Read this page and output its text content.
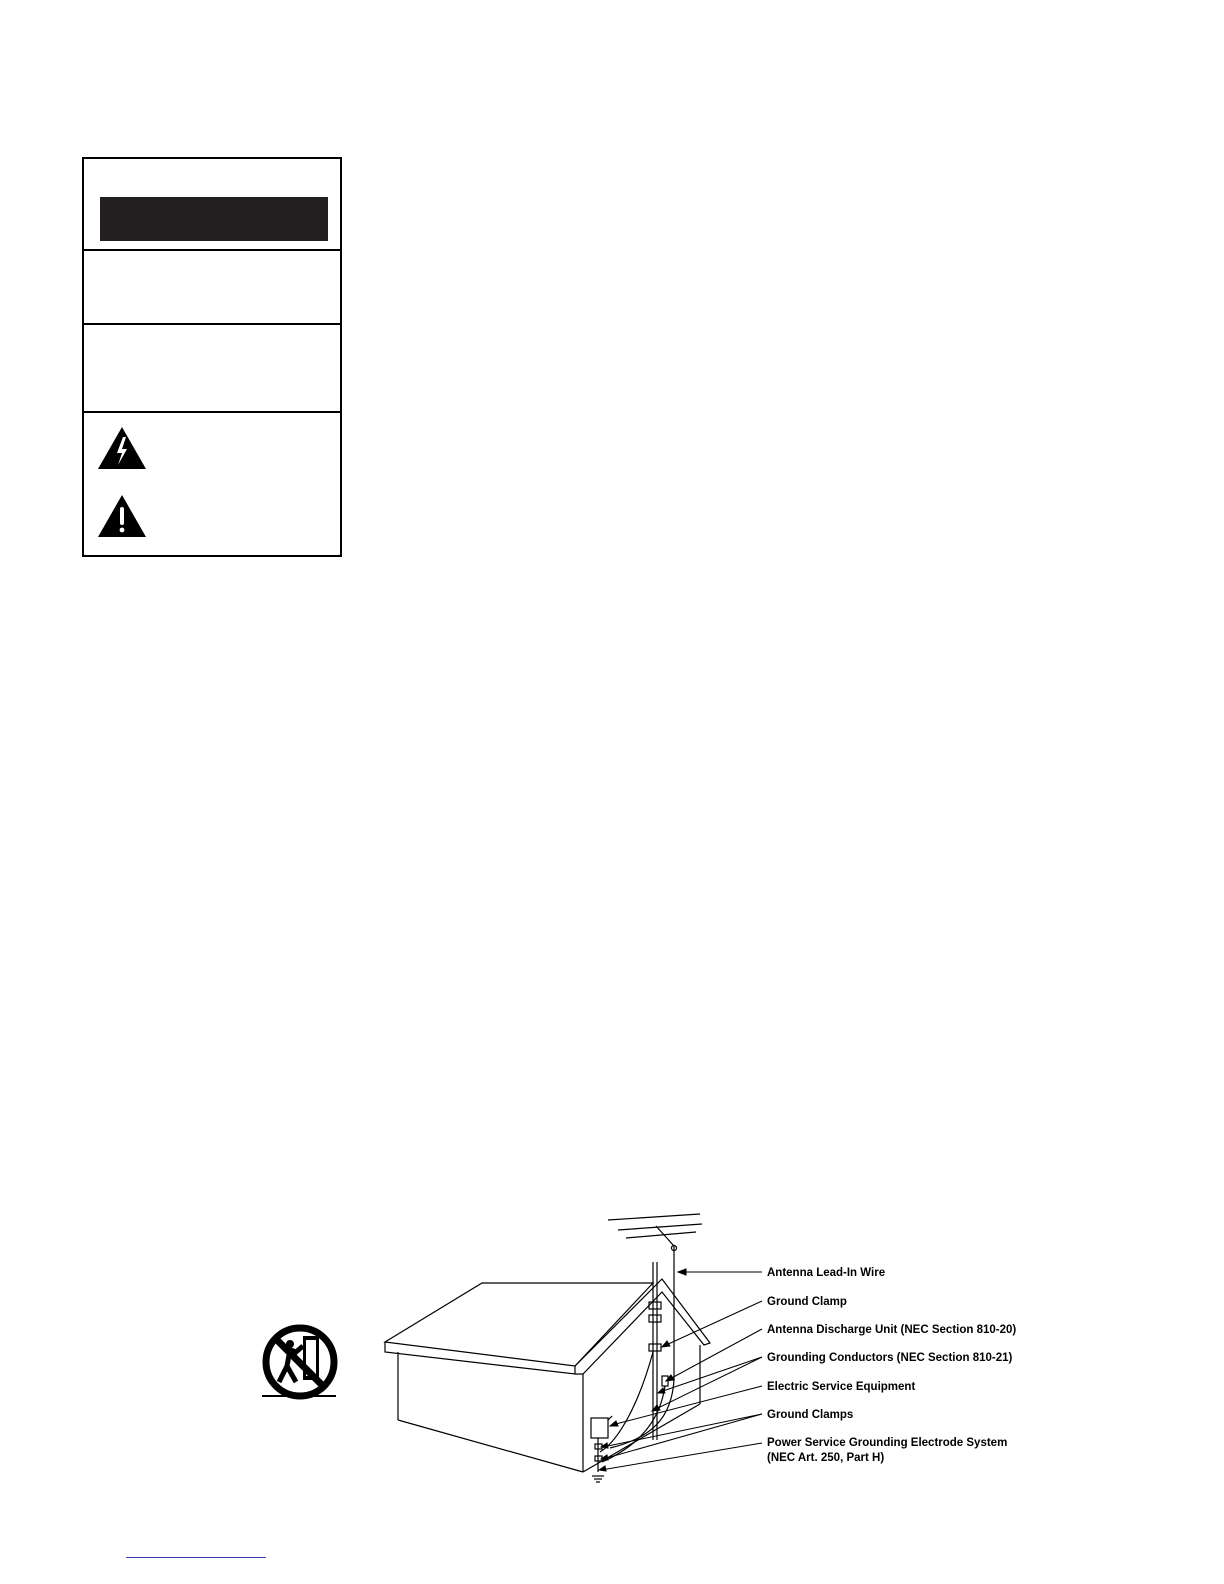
Antenna Lead-In Wire
Ground Clamp
Antenna Discharge Unit (NEC Section 810-20)
Grounding Conductors (NEC Section 810-21)
Electric Service Equipment
Ground Clamps
Power Service Grounding Electrode System
(NEC Art. 250, Part H)
